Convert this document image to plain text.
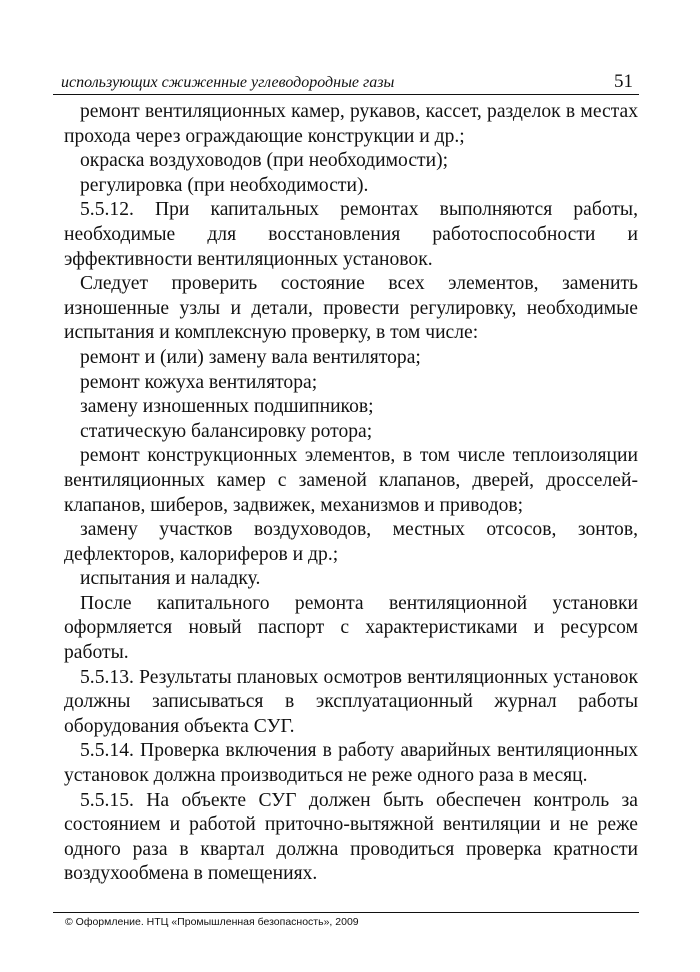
использующих сжиженные углеводородные газы	51

ремонт вентиляционных камер, рукавов, кассет, разделок в местах прохода через ограждающие конструкции и др.;

окраска воздуховодов (при необходимости);

регулировка (при необходимости).

5.5.12. При капитальных ремонтах выполняются работы, необходимые для восстановления работоспособности и эффективности вентиляционных установок.

Следует проверить состояние всех элементов, заменить изношенные узлы и детали, провести регулировку, необходимые испытания и комплексную проверку, в том числе:

ремонт и (или) замену вала вентилятора;

ремонт кожуха вентилятора;

замену изношенных подшипников;

статическую балансировку ротора;

ремонт конструкционных элементов, в том числе теплоизоляции вентиляционных камер с заменой клапанов, дверей, дросселей-клапанов, шиберов, задвижек, механизмов и приводов;

замену участков воздуховодов, местных отсосов, зонтов, дефлекторов, калориферов и др.;

испытания и наладку.

После капитального ремонта вентиляционной установки оформляется новый паспорт с характеристиками и ресурсом работы.

5.5.13. Результаты плановых осмотров вентиляционных установок должны записываться в эксплуатационный журнал работы оборудования объекта СУГ.

5.5.14. Проверка включения в работу аварийных вентиляционных установок должна производиться не реже одного раза в месяц.

5.5.15. На объекте СУГ должен быть обеспечен контроль за состоянием и работой приточно-вытяжной вентиляции и не реже одного раза в квартал должна проводиться проверка кратности воздухообмена в помещениях.

© Оформление. НТЦ «Промышленная безопасность», 2009
